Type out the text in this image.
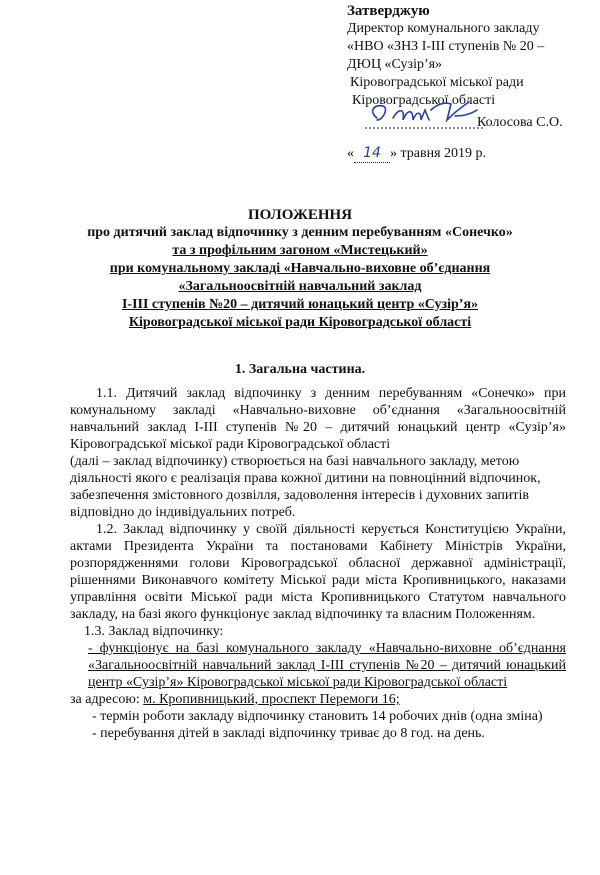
Затверджую
Директор комунального закладу
«НВО «ЗНЗ І-ІІІ ступенів № 20 –
ДЮЦ «Сузір’я»
Кіровоградської міської ради
Кіровоградської області
Колосова С.О.
« 14 » травня 2019 р.
ПОЛОЖЕННЯ
про дитячий заклад відпочинку з денним перебуванням «Сонечко»
та з профільним загоном «Мистецький»
при комунальному закладі «Навчально-виховне об’єднання
«Загальноосвітній навчальний заклад
І-ІІІ ступенів №20 – дитячий юнацький центр «Сузір’я»
Кіровоградської міської ради Кіровоградської області
1. Загальна частина.

1.1. Дитячий заклад відпочинку з денним перебуванням «Сонечко» при комунальному закладі «Навчально-виховне об’єднання «Загальноосвітній навчальний заклад І-ІІІ ступенів №20 – дитячий юнацький центр «Сузір’я» Кіровоградської міської ради Кіровоградської області

(далі – заклад відпочинку) створюється на базі навчального закладу, метою діяльності якого є реалізація права кожної дитини на повноцінний відпочинок, забезпечення змістовного дозвілля, задоволення інтересів і духовних запитів відповідно до індивідуальних потреб.

1.2. Заклад відпочинку у своїй діяльності керується Конституцією України, актами Президента України та постановами Кабінету Міністрів України, розпорядженнями голови Кіровоградської обласної державної адміністрації, рішеннями Виконавчого комітету Міської ради міста Кропивницького, наказами управління освіти Міської ради міста Кропивницького Статутом навчального закладу, на базі якого функціонує заклад відпочинку та власним Положенням.

1.3. Заклад відпочинку:

- функціонує на базі комунального закладу «Навчально-виховне об’єднання «Загальноосвітній навчальний заклад І-ІІІ ступенів №20 – дитячий юнацький центр «Сузір’я» Кіровоградської міської ради Кіровоградської області

за адресою: м. Кропивницький, проспект Перемоги 16;

- термін роботи закладу відпочинку становить 14 робочих днів (одна зміна)

- перебування дітей в закладі відпочинку триває до 8 год. на день.
